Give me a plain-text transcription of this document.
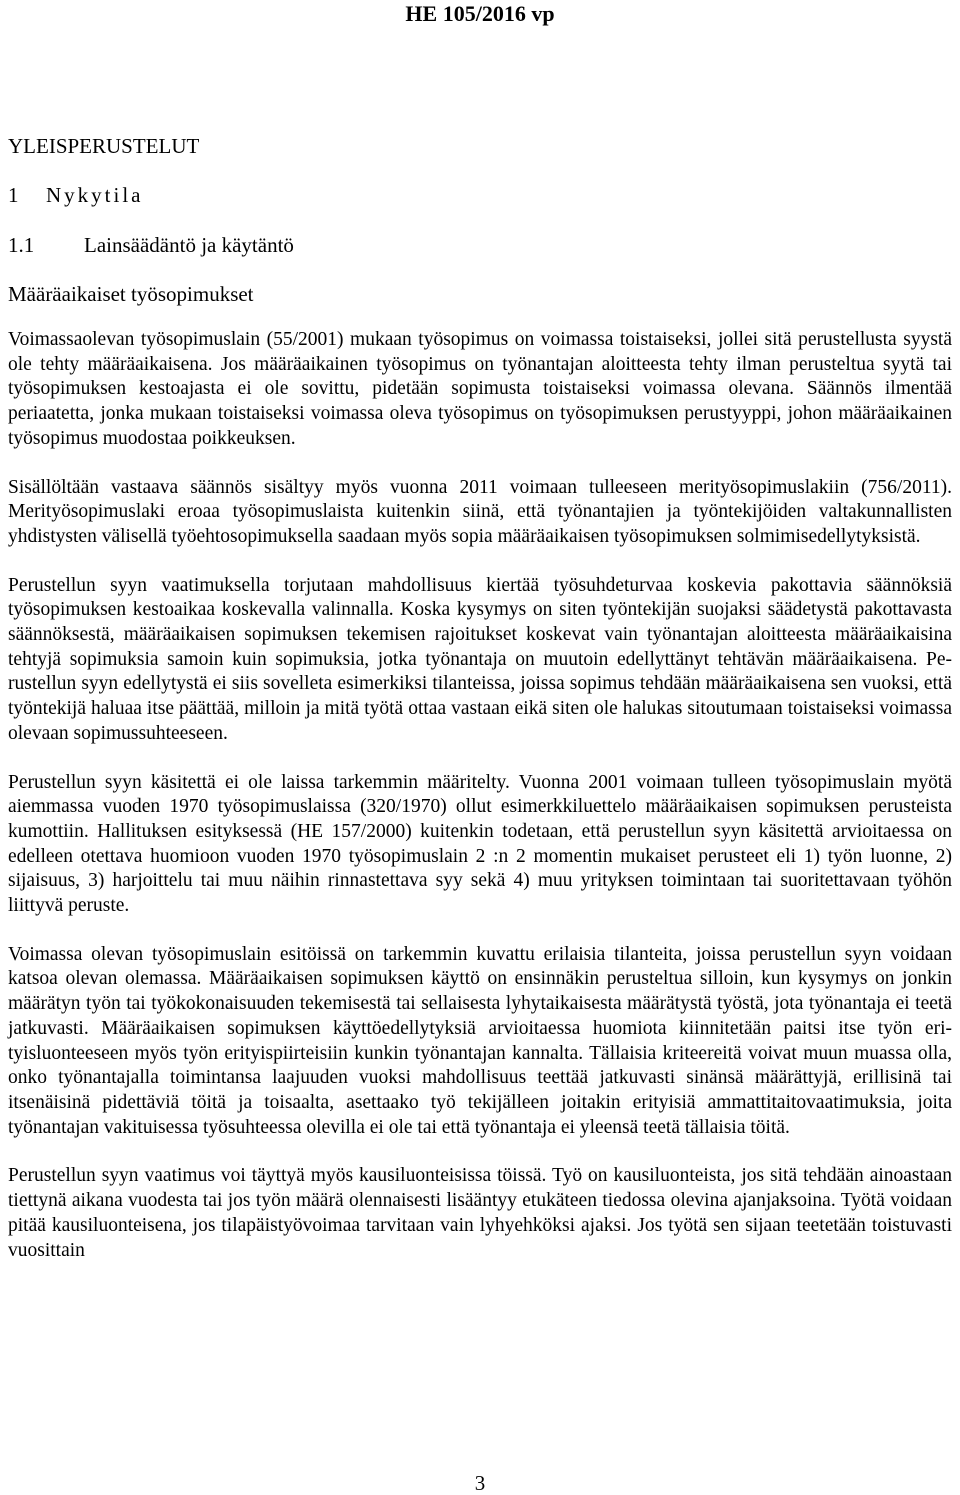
HE 105/2016 vp
YLEISPERUSTELUT
1 Nykytila
1.1 Lainsäädäntö ja käytäntö
Määräaikaiset työsopimukset

Voimassaolevan työsopimuslain (55/2001) mukaan työsopimus on voimassa toistaiseksi, jollei sitä perustellusta syystä ole tehty määräaikaisena. Jos määräaikainen työsopimus on työnantajan aloitteesta tehty ilman perusteltua syytä tai työsopimuksen kestoajasta ei ole sovittu, pidetään sopimusta toistaiseksi voimassa olevana. Säännös ilmentää periaatetta, jonka mukaan toistaiseksi voimassa oleva työsopimus on työsopimuksen perustyyppi, johon määräaikainen työsopimus muodostaa poikkeuksen.

Sisällöltään vastaava säännös sisältyy myös vuonna 2011 voimaan tulleeseen merityösopimuslakiin (756/2011). Merityösopimuslaki eroaa työsopimuslaista kuitenkin siinä, että työnantajien ja työntekijöiden valtakunnallisten yhdistysten välisellä työehtosopimuksella saadaan myös sopia määräaikaisen työsopimuksen solmimisedellytyksistä.

Perustellun syyn vaatimuksella torjutaan mahdollisuus kiertää työsuhdeturvaa koskevia pakottavia säännöksiä työsopimuksen kestoaikaa koskevalla valinnalla. Koska kysymys on siten työntekijän suojaksi säädetystä pakottavasta säännöksestä, määräaikaisen sopimuksen tekemisen rajoitukset koskevat vain työnantajan aloitteesta määräaikaisina tehtyjä sopimuksia samoin kuin sopimuksia, jotka työnantaja on muutoin edellyttänyt tehtävän määräaikaisena. Perustellun syyn edellytystä ei siis sovelleta esimerkiksi tilanteissa, joissa sopimus tehdään määräaikaisena sen vuoksi, että työntekijä haluaa itse päättää, milloin ja mitä työtä ottaa vastaan eikä siten ole halukas sitoutumaan toistaiseksi voimassa olevaan sopimussuhteeseen.

Perustellun syyn käsitettä ei ole laissa tarkemmin määritelty. Vuonna 2001 voimaan tulleen työsopimuslain myötä aiemmassa vuoden 1970 työsopimuslaissa (320/1970) ollut esimerkkiluettelo määräaikaisen sopimuksen perusteista kumottiin. Hallituksen esityksessä (HE 157/2000) kuitenkin todetaan, että perustellun syyn käsitettä arvioitaessa on edelleen otettava huomioon vuoden 1970 työsopimuslain 2 :n 2 momentin mukaiset perusteet eli 1) työn luonne, 2) sijaisuus, 3) harjoittelu tai muu näihin rinnastettava syy sekä 4) muu yrityksen toimintaan tai suoritettavaan työhön liittyvä peruste.

Voimassa olevan työsopimuslain esitöissä on tarkemmin kuvattu erilaisia tilanteita, joissa perustellun syyn voidaan katsoa olevan olemassa. Määräaikaisen sopimuksen käyttö on ensinnäkin perusteltua silloin, kun kysymys on jonkin määrätyn työn tai työkokonaisuuden tekemisestä tai sellaisesta lyhytaikaisesta määrätystä työstä, jota työnantaja ei teetä jatkuvasti. Määräaikaisen sopimuksen käyttöedellytyksiä arvioitaessa huomiota kiinnitetään paitsi itse työn erityisluonteeseen myös työn erityispiirteisiin kunkin työnantajan kannalta. Tällaisia kriteereitä voivat muun muassa olla, onko työnantajalla toimintansa laajuuden vuoksi mahdollisuus teettää jatkuvasti sinänsä määrättyjä, erillisinä tai itsenäisinä pidettäviä töitä ja toisaalta, asettaako työ tekijälleen joitakin erityisiä ammattitaitovaatimuksia, joita työnantajan vakituisessa työsuhteessa olevilla ei ole tai että työnantaja ei yleensä teetä tällaisia töitä.

Perustellun syyn vaatimus voi täyttyä myös kausiluonteisissa töissä. Työ on kausiluonteista, jos sitä tehdään ainoastaan tiettynä aikana vuodesta tai jos työn määrä olennaisesti lisääntyy etukäteen tiedossa olevina ajanjaksoina. Työtä voidaan pitää kausiluonteisena, jos tilapäistyövoimaa tarvitaan vain lyhyehköksi ajaksi. Jos työtä sen sijaan teetetään toistuvasti vuosittain

3
